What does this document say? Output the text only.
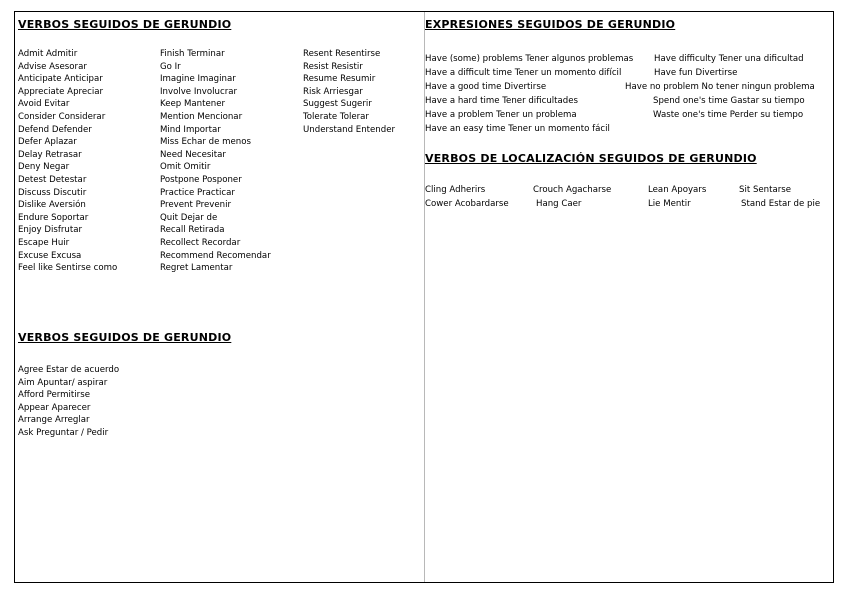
VERBOS SEGUIDOS DE GERUNDIO
Admit Admitir
Advise Asesorar
Anticipate Anticipar
Appreciate Apreciar
Avoid Evitar
Consider Considerar
Defend Defender
Defer Aplazar
Delay Retrasar
Deny Negar
Detest Detestar
Discuss Discutir
Dislike Aversión
Endure Soportar
Enjoy Disfrutar
Escape Huir
Excuse Excusa
Feel like Sentirse como
Finish Terminar
Go Ir
Imagine Imaginar
Involve Involucrar
Keep Mantener
Mention Mencionar
Mind Importar
Miss Echar de menos
Need Necesitar
Omit Omitir
Postpone Posponer
Practice Practicar
Prevent Prevenir
Quit Dejar de
Recall Retirada
Recollect Recordar
Recommend Recomendar
Regret Lamentar
Resent Resentirse
Resist Resistir
Resume Resumir
Risk Arriesgar
Suggest Sugerir
Tolerate Tolerar
Understand Entender
VERBOS SEGUIDOS DE GERUNDIO
Agree Estar de acuerdo
Aim Apuntar/ aspirar
Afford Permitirse
Appear Aparecer
Arrange Arreglar
Ask Preguntar / Pedir
EXPRESIONES SEGUIDOS DE GERUNDIO
Have (some) problems Tener algunos problemas Have difficulty Tener una dificultad
Have a difficult time Tener un momento difícil	Have fun Divertirse
Have a good time Divertirse	Have no problem No tener ningun problema
Have a hard time Tener dificultades	Spend one's time Gastar su tiempo
Have a problem Tener un problema	Waste one's time Perder su tiempo
Have an easy time Tener un momento fácil
VERBOS DE LOCALIZACIÓN SEGUIDOS DE GERUNDIO
Cling Adherirs	Crouch Agacharse	Lean Apoyars	Sit Sentarse
Cower Acobardarse	Hang Caer	Lie Mentir	Stand Estar de pie
